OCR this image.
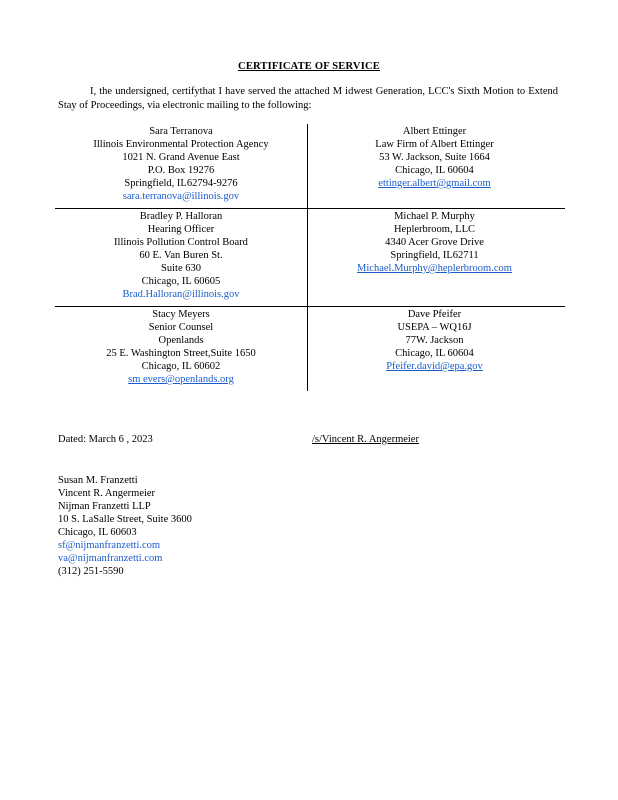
CERTIFICATE OF SERVICE
I, the undersigned, certifythat I have served the attached M idwest Generation, LCC's Sixth Motion to Extend Stay of Proceedings, via electronic mailing to the following:
Sara Terranova
Illinois Environmental Protection Agency
1021 N. Grand Avenue East
P.O. Box 19276
Springfield, IL62794-9276
sara.terranova@illinois.gov
Albert Ettinger
Law Firm of Albert Ettinger
53 W. Jackson, Suite 1664
Chicago, IL 60604
ettinger.albert@gmail.com
Bradley P. Halloran
Hearing Officer
Illinois Pollution Control Board
60 E. Van Buren St.
Suite 630
Chicago, IL 60605
Brad.Halloran@illinois.gov
Michael P. Murphy
Heplerbroom, LLC
4340 Acer Grove Drive
Springfield, IL62711
Michael.Murphy@heplerbroom.com
Stacy Meyers
Senior Counsel
Openlands
25 E. Washington Street,Suite 1650
Chicago, IL 60602
sm evers@openlands.org
Dave Pfeifer
USEPA – WQ16J
77W. Jackson
Chicago, IL 60604
Pfeifer.david@epa.gov
Dated: March 6 , 2023	/s/Vincent R. Angermeier
Susan M. Franzetti
Vincent R. Angermeier
Nijman Franzetti LLP
10 S. LaSalle Street, Suite 3600
Chicago, IL 60603
sf@nijmanfranzetti.com
va@nijmanfranzetti.com
(312) 251-5590
